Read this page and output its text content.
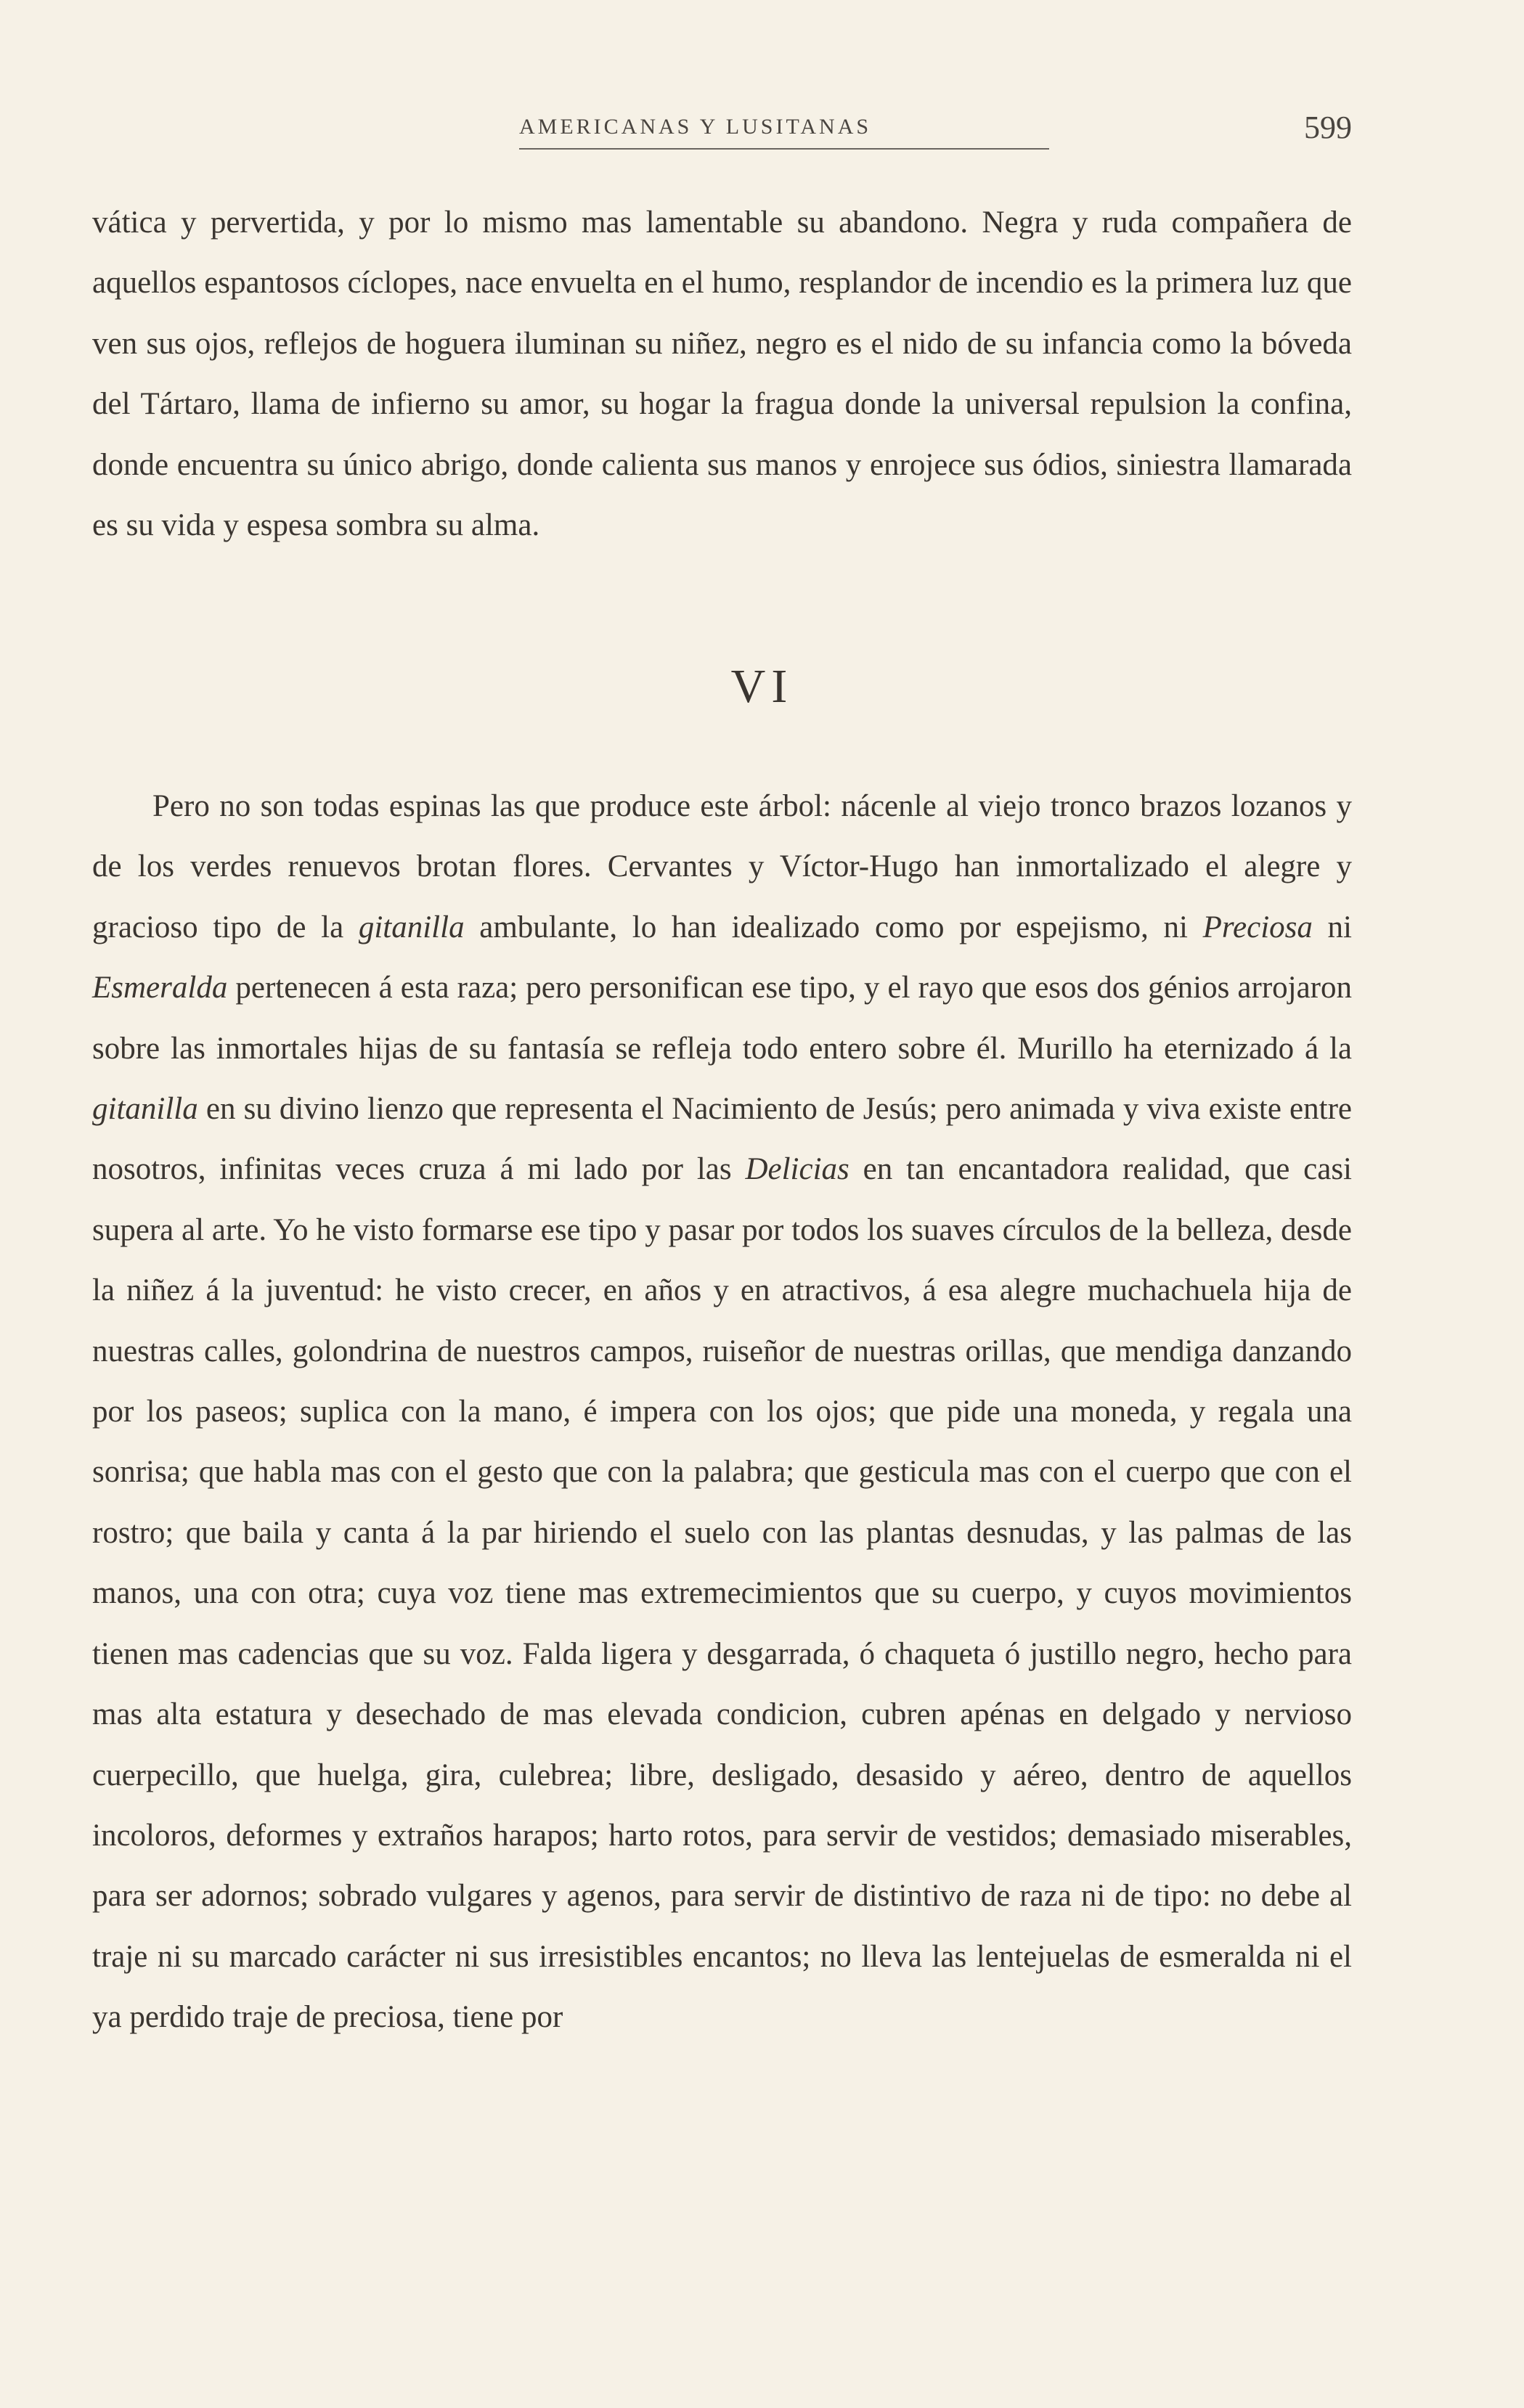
AMERICANAS Y LUSITANAS	599

vática y pervertida, y por lo mismo mas lamentable su abandono. Negra y ruda compañera de aquellos espantosos cíclopes, nace envuelta en el humo, resplandor de incendio es la primera luz que ven sus ojos, reflejos de hoguera iluminan su niñez, negro es el nido de su infancia como la bóveda del Tártaro, llama de infierno su amor, su hogar la fragua donde la universal repulsion la confina, donde encuentra su único abrigo, donde calienta sus manos y enrojece sus ódios, siniestra llamarada es su vida y espesa sombra su alma.

VI

Pero no son todas espinas las que produce este árbol: nácenle al viejo tronco brazos lozanos y de los verdes renuevos brotan flores. Cervantes y Víctor-Hugo han inmortalizado el alegre y gracioso tipo de la gitanilla ambulante, lo han idealizado como por espejismo, ni Preciosa ni Esmeralda pertenecen á esta raza; pero personifican ese tipo, y el rayo que esos dos génios arrojaron sobre las inmortales hijas de su fantasía se refleja todo entero sobre él. Murillo ha eternizado á la gitanilla en su divino lienzo que representa el Nacimiento de Jesús; pero animada y viva existe entre nosotros, infinitas veces cruza á mi lado por las Delicias en tan encantadora realidad, que casi supera al arte. Yo he visto formarse ese tipo y pasar por todos los suaves círculos de la belleza, desde la niñez á la juventud: he visto crecer, en años y en atractivos, á esa alegre muchachuela hija de nuestras calles, golondrina de nuestros campos, ruiseñor de nuestras orillas, que mendiga danzando por los paseos; suplica con la mano, é impera con los ojos; que pide una moneda, y regala una sonrisa; que habla mas con el gesto que con la palabra; que gesticula mas con el cuerpo que con el rostro; que baila y canta á la par hiriendo el suelo con las plantas desnudas, y las palmas de las manos, una con otra; cuya voz tiene mas extremecimientos que su cuerpo, y cuyos movimientos tienen mas cadencias que su voz. Falda ligera y desgarrada, ó chaqueta ó justillo negro, hecho para mas alta estatura y desechado de mas elevada condicion, cubren apénas en delgado y nervioso cuerpecillo, que huelga, gira, culebrea; libre, desligado, desasido y aéreo, dentro de aquellos incoloros, deformes y extraños harapos; harto rotos, para servir de vestidos; demasiado miserables, para ser adornos; sobrado vulgares y agenos, para servir de distintivo de raza ni de tipo: no debe al traje ni su marcado carácter ni sus irresistibles encantos; no lleva las lentejuelas de esmeralda ni el ya perdido traje de preciosa, tiene por
